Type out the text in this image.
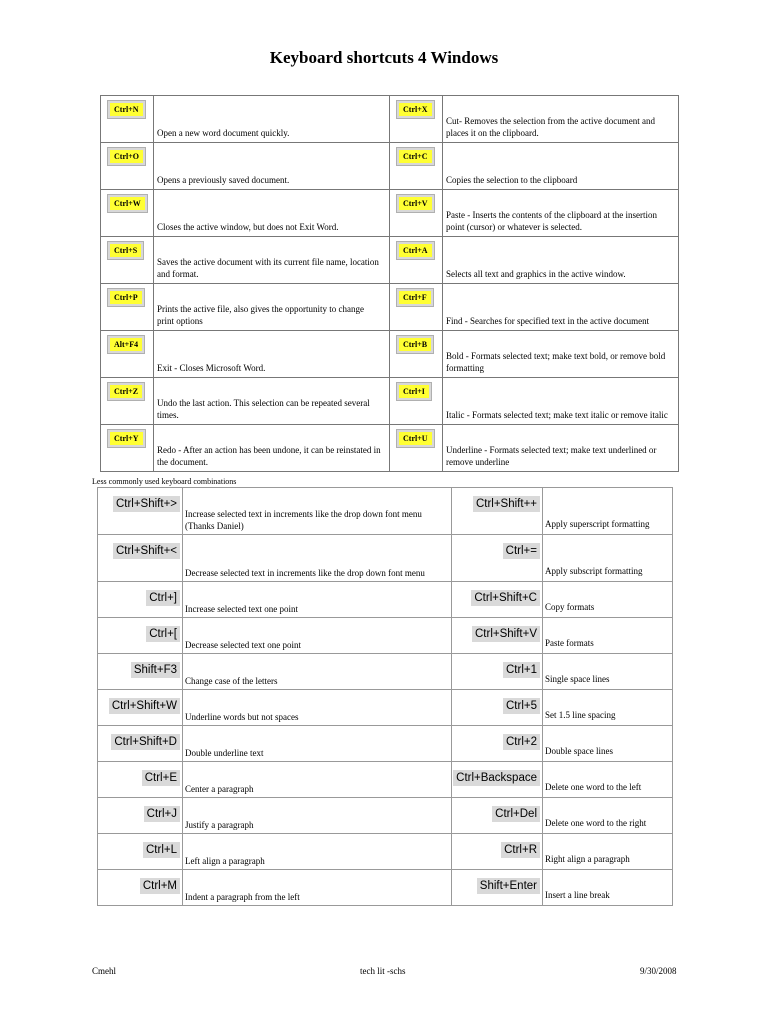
Keyboard shortcuts 4 Windows
Ctrl+N	Open a new word document quickly.	Ctrl+X	Cut- Removes the selection from the active document and places it on the clipboard.
Ctrl+O	Opens a previously saved document.	Ctrl+C	Copies the selection to the clipboard
Ctrl+W	Closes the active window, but does not Exit Word.	Ctrl+V	Paste - Inserts the contents of the clipboard at the insertion point (cursor) or whatever is selected.
Ctrl+S	Saves the active document with its current file name, location and format.	Ctrl+A	Selects all text and graphics in the active window.
Ctrl+P	Prints the active file, also gives the opportunity to change print options	Ctrl+F	Find - Searches for specified text in the active document
Alt+F4	Exit - Closes Microsoft Word.	Ctrl+B	Bold - Formats selected text; make text bold, or remove bold formatting
Ctrl+Z	Undo the last action. This selection can be repeated several times.	Ctrl+I	Italic - Formats selected text; make text italic or remove italic
Ctrl+Y	Redo - After an action has been undone, it can be reinstated in the document.	Ctrl+U	Underline - Formats selected text; make text underlined or remove underline
Less commonly used keyboard combinations
Ctrl+Shift+>	Increase selected text in increments like the drop down font menu (Thanks Daniel)	Ctrl+Shift++	Apply superscript formatting

Ctrl+Shift+<	Decrease selected text in increments like the drop down font menu	Ctrl+=	Apply subscript formatting

Ctrl+]	Increase selected text one point	Ctrl+Shift+C	Copy formats

Ctrl+[	Decrease selected text one point	Ctrl+Shift+V	Paste formats

Shift+F3	Change case of the letters	Ctrl+1	Single space lines

Ctrl+Shift+W	Underline words but not spaces	Ctrl+5	Set 1.5 line spacing

Ctrl+Shift+D	Double underline text	Ctrl+2	Double space lines

Ctrl+E	Center a paragraph	Ctrl+Backspace	Delete one word to the left

Ctrl+J	Justify a paragraph	Ctrl+Del	Delete one word to the right

Ctrl+L	Left align a paragraph	Ctrl+R	Right align a paragraph

Ctrl+M	Indent a paragraph from the left	Shift+Enter	Insert a line break
Cmehl	tech lit -schs	9/30/2008
